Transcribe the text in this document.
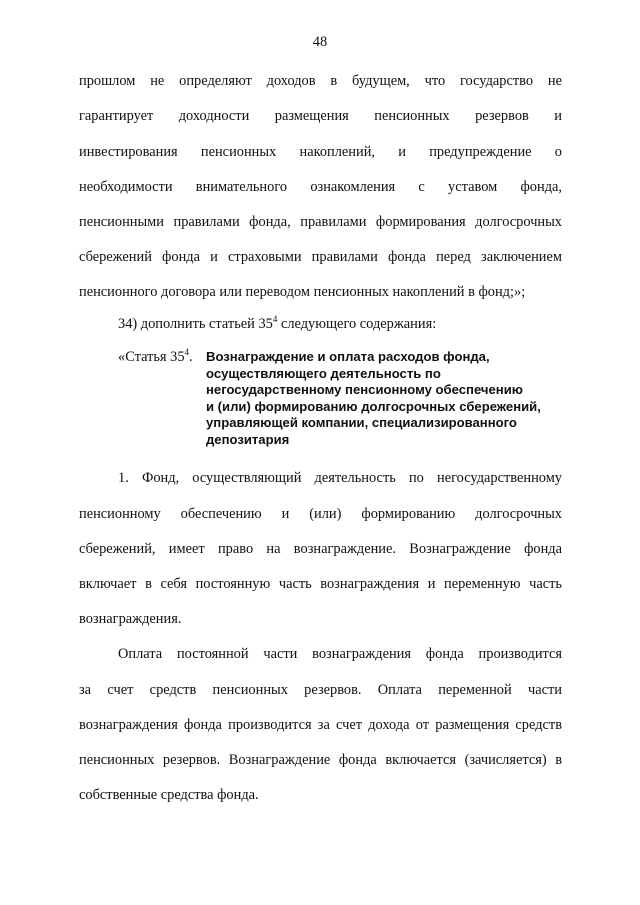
48
прошлом не определяют доходов в будущем, что государство не
гарантирует доходности размещения пенсионных резервов и
инвестирования пенсионных накоплений, и предупреждение о
необходимости внимательного ознакомления с уставом фонда,
пенсионными правилами фонда, правилами формирования долгосрочных
сбережений фонда и страховыми правилами фонда перед заключением
пенсионного договора или переводом пенсионных накоплений в фонд;»;
34) дополнить статьей $35^4$ следующего содержания:
«Статья $35^4$. Вознаграждение и оплата расходов фонда,
осуществляющего деятельность по
негосударственному пенсионному обеспечению
и (или) формированию долгосрочных сбережений,
управляющей компании, специализированного
депозитария
1. Фонд, осуществляющий деятельность по негосударственному
пенсионному обеспечению и (или) формированию долгосрочных
сбережений, имеет право на вознаграждение. Вознаграждение фонда
включает в себя постоянную часть вознаграждения и переменную часть
вознаграждения.
Оплата постоянной части вознаграждения фонда производится
за счет средств пенсионных резервов. Оплата переменной части
вознаграждения фонда производится за счет дохода от размещения средств
пенсионных резервов. Вознаграждение фонда включается (зачисляется) в
собственные средства фонда.
